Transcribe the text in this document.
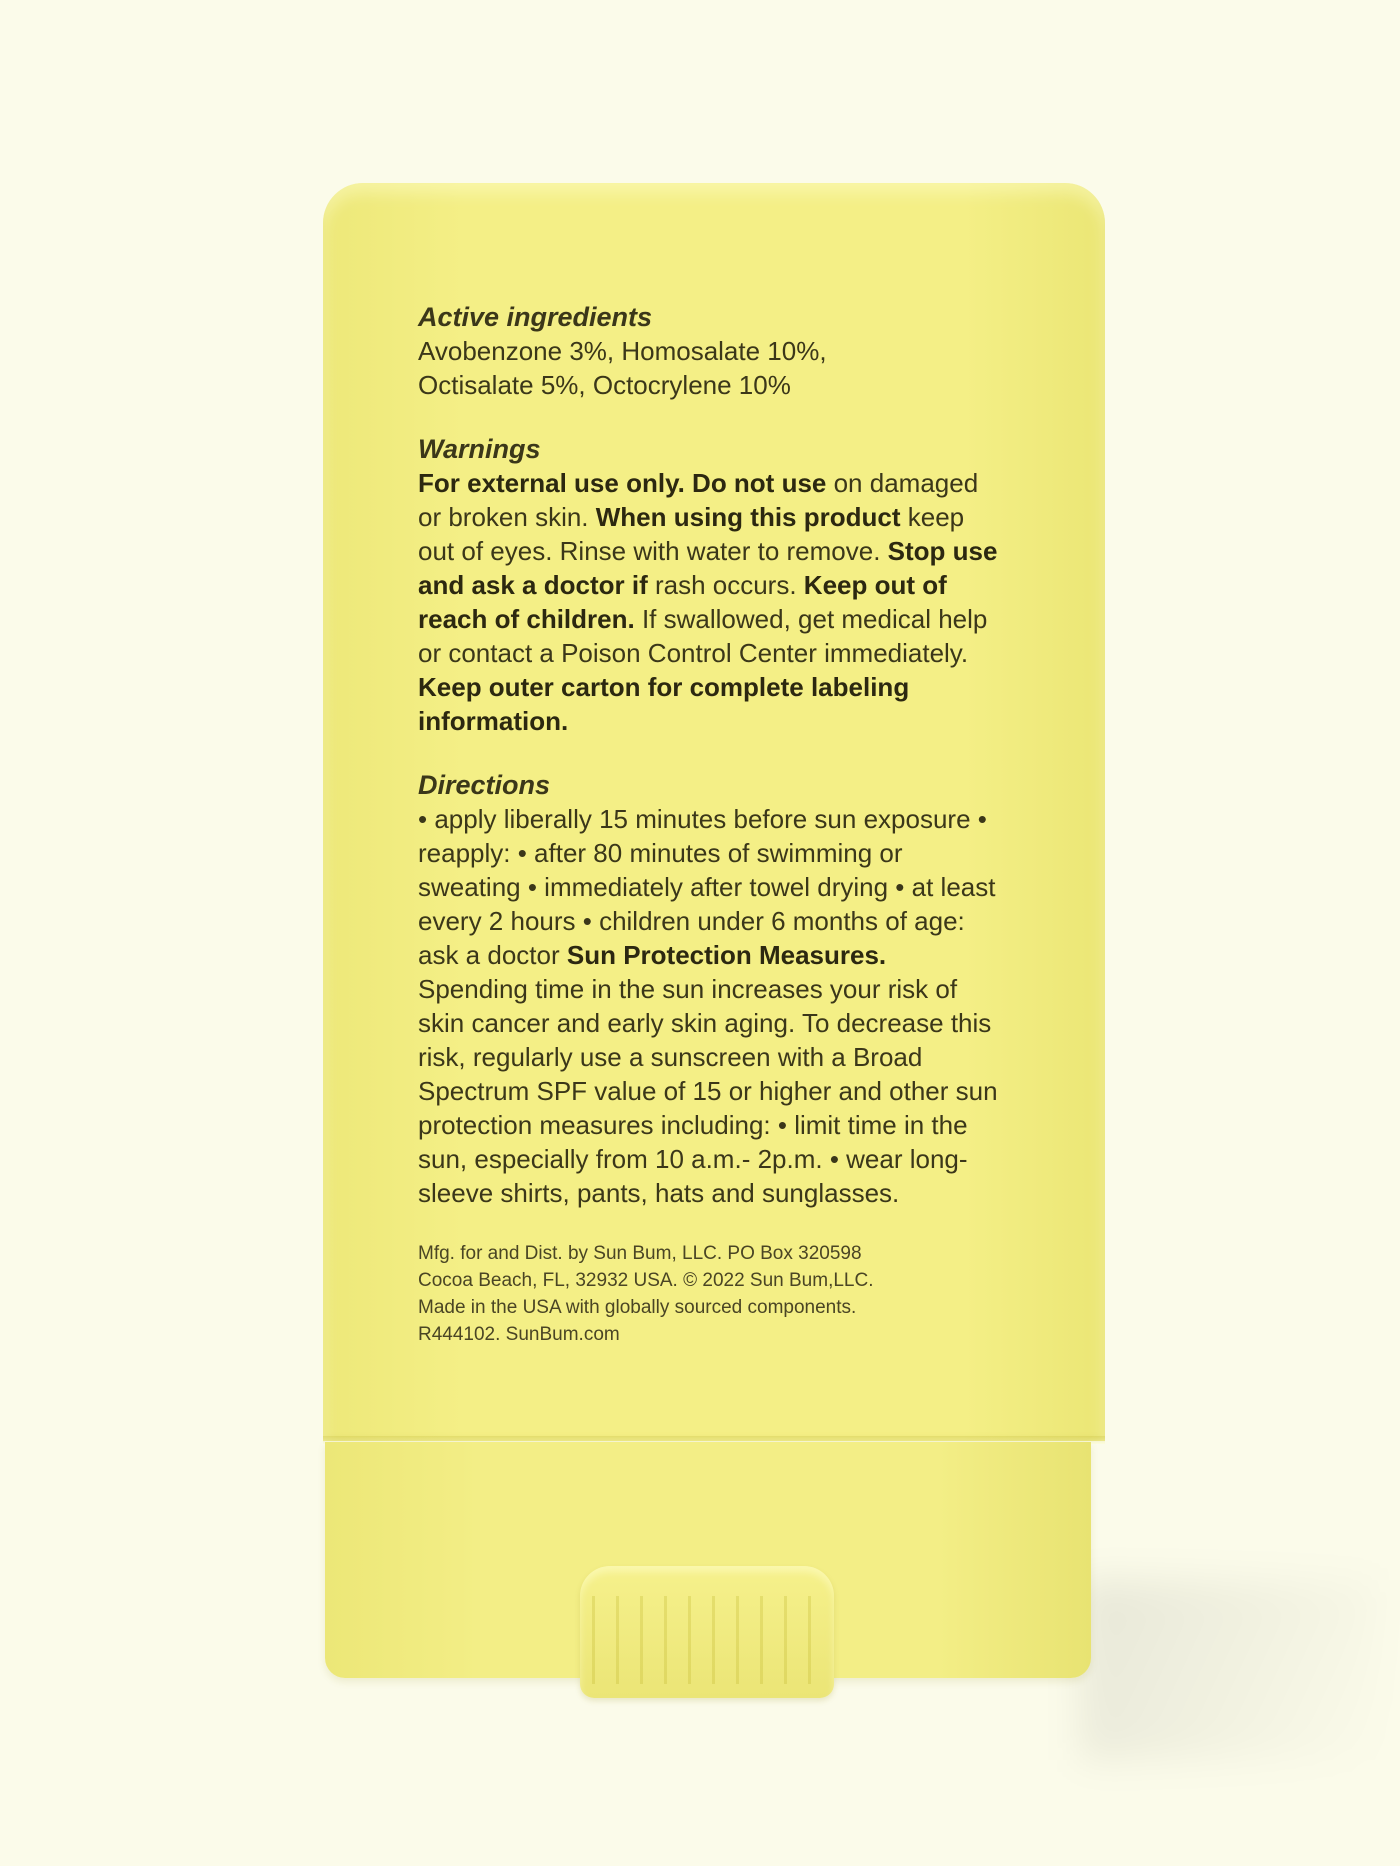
Active ingredients
Avobenzone 3%, Homosalate 10%,
Octisalate 5%, Octocrylene 10%
Warnings
For external use only. Do not use on damaged or broken skin. When using this product keep out of eyes. Rinse with water to remove. Stop use and ask a doctor if rash occurs. Keep out of reach of children. If swallowed, get medical help or contact a Poison Control Center immediately. Keep outer carton for complete labeling information.
Directions
• apply liberally 15 minutes before sun exposure • reapply: • after 80 minutes of swimming or sweating • immediately after towel drying • at least every 2 hours • children under 6 months of age: ask a doctor Sun Protection Measures. Spending time in the sun increases your risk of skin cancer and early skin aging. To decrease this risk, regularly use a sunscreen with a Broad Spectrum SPF value of 15 or higher and other sun protection measures including: • limit time in the sun, especially from 10 a.m.- 2p.m. • wear long-sleeve shirts, pants, hats and sunglasses.
Mfg. for and Dist. by Sun Bum, LLC. PO Box 320598
Cocoa Beach, FL, 32932 USA. © 2022 Sun Bum,LLC.
Made in the USA with globally sourced components.
R444102. SunBum.com
